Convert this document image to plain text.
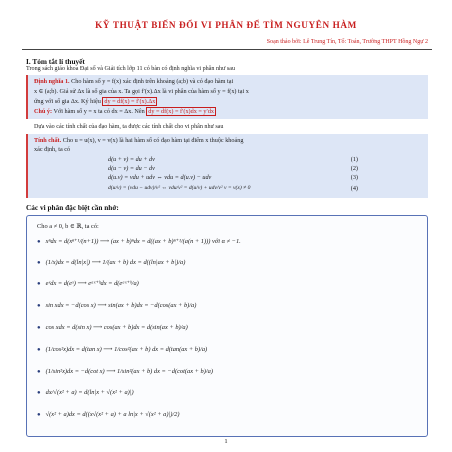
KỸ THUẬT BIẾN ĐỔI VI PHÂN ĐỂ TÌM NGUYÊN HÀM
Soạn thảo bởi: Lê Trung Tín, Tổ: Toán, Trường THPT Hồng Ngự 2
I. Tóm tắt lí thuyết
Trong sách giáo khoa Đại số và Giải tích lớp 11 có bàn có định nghĩa vi phân như sau
Định nghĩa 1. Cho hàm số y = f(x) xác định trên khoảng (a;b) và có đạo hàm tại
x ∈ (a;b). Giả sử Δx là số gia của x. Ta gọi f′(x).Δx là vi phân của hàm số y = f(x) tại x
ứng với số gia Δx. Ký hiệu dy = df(x) = f′(x).Δx
Chú ý: Với hàm số y = x ta có dx = Δx. Nên dy = df(x) = f′(x)dx = y′dx
Dựa vào các tính chất của đạo hàm, ta được các tính chất cho vi phân như sau
Tính chất. Cho u = u(x), v = v(x) là hai hàm số có đạo hàm tại điểm x thuộc khoảng
xác định, ta có
d(u + v) = du + dv	(1)
d(u − v) = du − dv	(2)
d(u.v) = vdu + udv ⇔ vdu = d(u.v) − udv	(3)
d(u/v) = (vdu − udv)/v² ⇔ vdu/v² = d(u/v) + udv/v² v = v(x) ≠ 0	(4)
Các vi phân đặc biệt cần nhớ:
Cho a ≠ 0, b ∈ ℝ, ta có:
● xⁿdx = d(xⁿ⁺¹/(n+1)) ⟶ (ax + b)ⁿdx = d((ax + b)ⁿ⁺¹/(a(n + 1))) với α ≠ −1.
● (1/x)dx = d(ln|x|) ⟶ 1/(ax + b) dx = d((ln|ax + b|)/a)
● eˣdx = d(eˣ) ⟶ eᵃˣ⁺ᵇdx = d(eᵃˣ⁺ᵇ/a)
● sin xdx = −d(cos x) ⟶ sin(ax + b)dx = −d(cos(ax + b)/a)
● cos xdx = d(sin x) ⟶ cos(ax + b)dx = d(sin(ax + b)/a)
● (1/cos²x)dx = d(tan x) ⟶ 1/cos²(ax + b) dx = d(tan(ax + b)/a)
● (1/sin²x)dx = −d(cot x) ⟶ 1/sin²(ax + b) dx = −d(cot(ax + b)/a)
● dx/√(x² + a) = d(ln|x + √(x² + a)|)
● √(x² + a)dx = d((x√(x² + a) + a ln|x + √(x² + a)|)/2)
1
